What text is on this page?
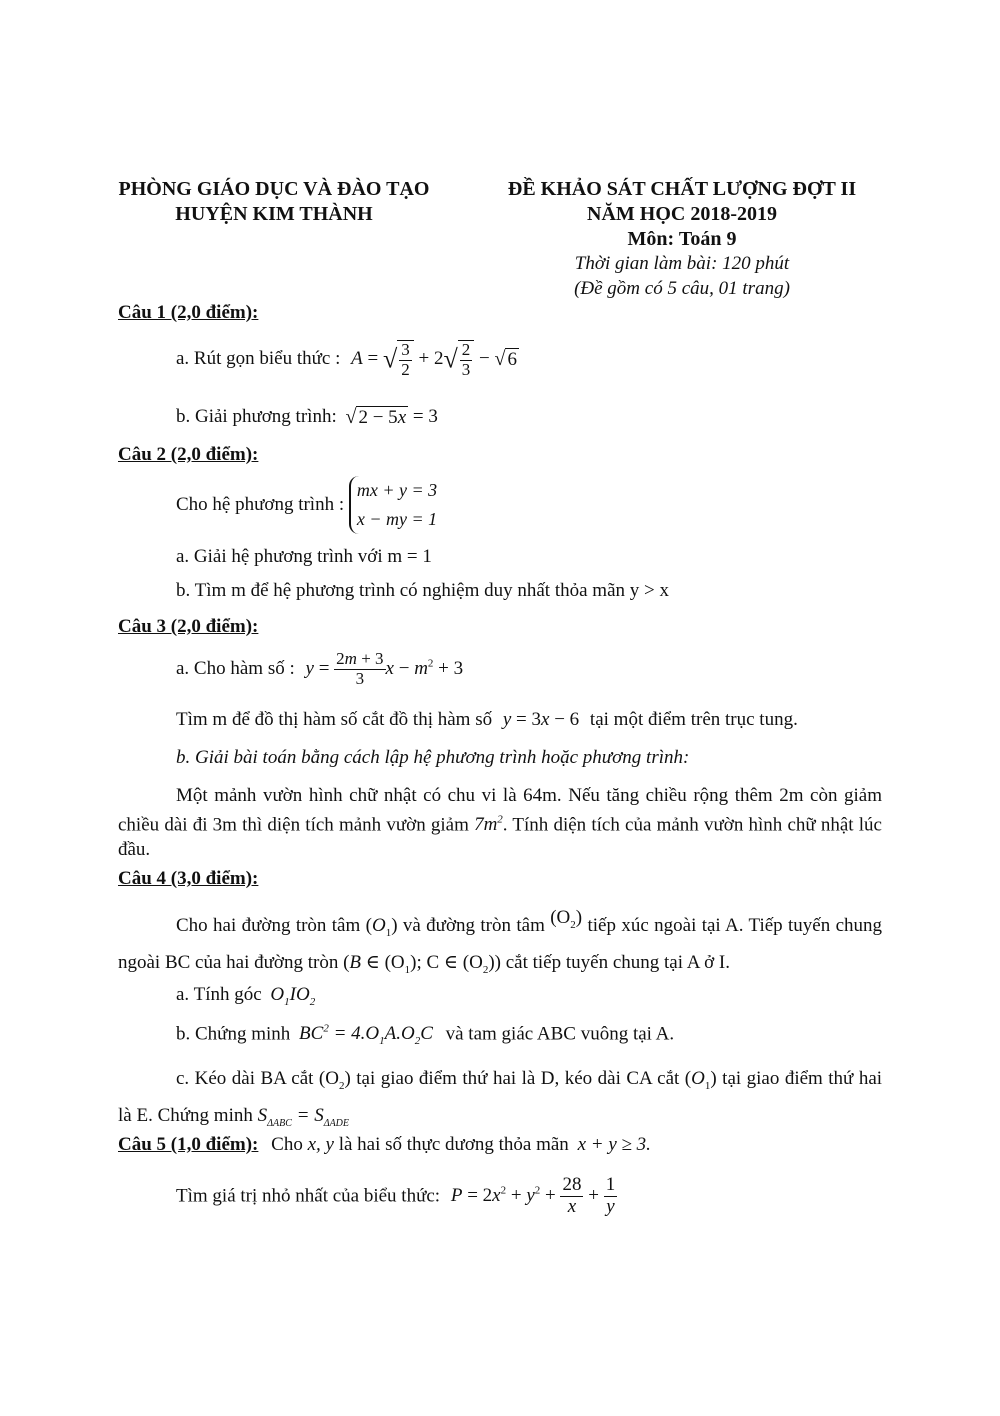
PHÒNG GIÁO DỤC VÀ ĐÀO TẠO
HUYỆN KIM THÀNH
ĐỀ KHẢO SÁT CHẤT LƯỢNG ĐỢT II
NĂM HỌC 2018-2019
Môn: Toán 9
Thời gian làm bài: 120 phút
(Đề gồm có 5 câu, 01 trang)
Câu 1 (2,0 điểm):
a. Rút gọn biểu thức : A = √ $\frac{3}{2} + 2√ \frac{2}{3}$ − √ 6
b. Giải phương trình: √ 2 − 5x = 3
Câu 2 (2,0 điểm):
Cho hệ phương trình :
mx + y = 3
x − my = 1
a. Giải hệ phương trình với m = 1
b. Tìm m để hệ phương trình có nghiệm duy nhất thỏa mãn y > x
Câu 3 (2,0 điểm):
a. Cho hàm số : $y = \frac{2m + 3}{3}$ $x - m^2 + 3$
Tìm m để đồ thị hàm số cắt đồ thị hàm số y = 3x − 6 tại một điểm trên trục tung.
b. Giải bài toán bằng cách lập hệ phương trình hoặc phương trình:
Một mảnh vườn hình chữ nhật có chu vi là 64m. Nếu tăng chiều rộng thêm 2m còn giảm chiều dài đi 3m thì diện tích mảnh vườn giảm $7m^2$. Tính diện tích của mảnh vườn hình chữ nhật lúc đầu.
Câu 4 (3,0 điểm):
Cho hai đường tròn tâm $(O_1)$ và đường tròn tâm $(O_2)$ tiếp xúc ngoài tại A. Tiếp tuyến chung ngoài BC của hai đường tròn (B ∈ $(O_1)$; C ∈ $(O_2)$) cắt tiếp tuyến chung tại A ở I.
a. Tính góc $O_1IO_2$
b. Chứng minh $BC^2 = 4.O_1A.O_2C$ và tam giác ABC vuông tại A.
c. Kéo dài BA cắt $(O_2)$ tại giao điểm thứ hai là D, kéo dài CA cắt $(O_1)$ tại giao điểm thứ hai là E. Chứng minh $S_{\Delta ABC} = S_{\Delta ADE}$
Câu 5 (1,0 điểm): Cho x, y là hai số thực dương thỏa mãn x + y ≥ 3.
Tìm giá trị nhỏ nhất của biểu thức: $P = 2x^2 + y^2 + \frac{28}{x} + \frac{1}{y}$
